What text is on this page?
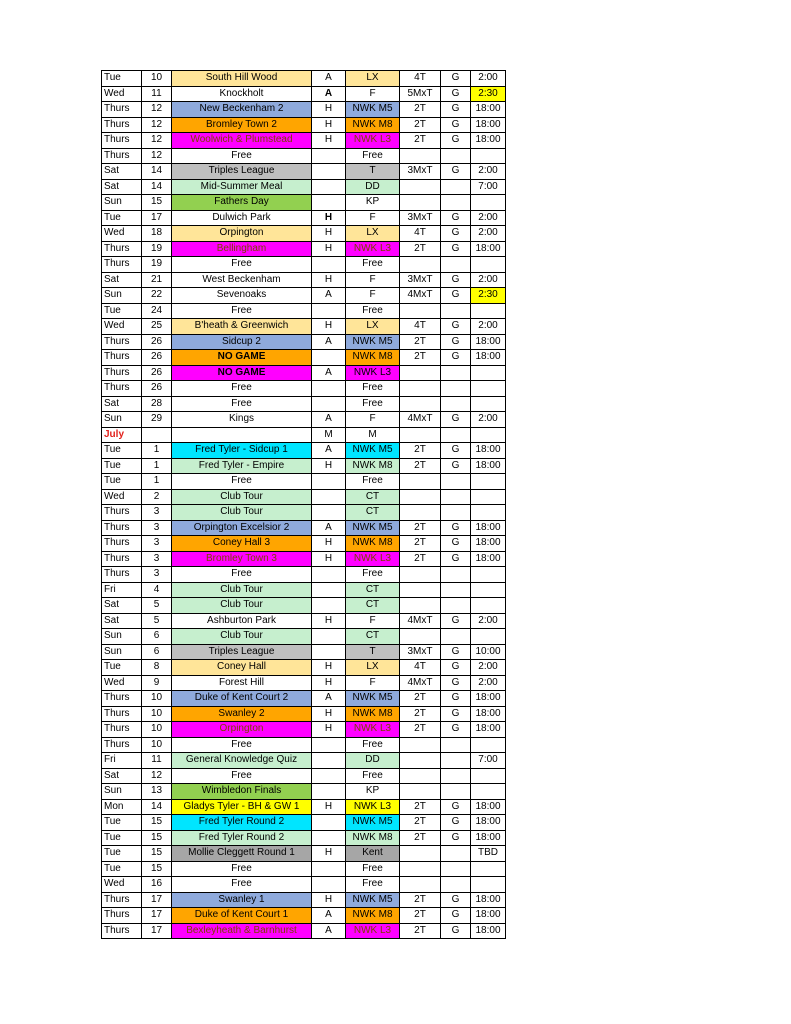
Tue	10	South Hill Wood	A	LX	4T	G	2:00
Wed	11	Knockholt	A	F	5MxT	G	2:30
Thurs	12	New Beckenham 2	H	NWK M5	2T	G	18:00
Thurs	12	Bromley Town 2	H	NWK M8	2T	G	18:00
Thurs	12	Woolwich & Plumstead	H	NWK L3	2T	G	18:00
Thurs	12	Free		Free			
Sat	14	Triples League		T	3MxT	G	2:00
Sat	14	Mid-Summer Meal		DD			7:00
Sun	15	Fathers Day		KP			
Tue	17	Dulwich Park	H	F	3MxT	G	2:00
Wed	18	Orpington	H	LX	4T	G	2:00
Thurs	19	Bellingham	H	NWK L3	2T	G	18:00
Thurs	19	Free		Free			
Sat	21	West Beckenham	H	F	3MxT	G	2:00
Sun	22	Sevenoaks	A	F	4MxT	G	2:30
Tue	24	Free		Free			
Wed	25	B'heath & Greenwich	H	LX	4T	G	2:00
Thurs	26	Sidcup 2	A	NWK M5	2T	G	18:00
Thurs	26	NO GAME		NWK M8	2T	G	18:00
Thurs	26	NO GAME	A	NWK L3			
Thurs	26	Free		Free			
Sat	28	Free		Free			
Sun	29	Kings	A	F	4MxT	G	2:00
July			M	M			
Tue	1	Fred Tyler - Sidcup 1	A	NWK M5	2T	G	18:00
Tue	1	Fred Tyler - Empire	H	NWK M8	2T	G	18:00
Tue	1	Free		Free			
Wed	2	Club Tour		CT			
Thurs	3	Club Tour		CT			
Thurs	3	Orpington Excelsior 2	A	NWK M5	2T	G	18:00
Thurs	3	Coney Hall 3	H	NWK M8	2T	G	18:00
Thurs	3	Bromley Town 3	H	NWK L3	2T	G	18:00
Thurs	3	Free		Free			
Fri	4	Club Tour		CT			
Sat	5	Club Tour		CT			
Sat	5	Ashburton Park	H	F	4MxT	G	2:00
Sun	6	Club Tour		CT			
Sun	6	Triples League		T	3MxT	G	10:00
Tue	8	Coney Hall	H	LX	4T	G	2:00
Wed	9	Forest Hill	H	F	4MxT	G	2:00
Thurs	10	Duke of Kent Court 2	A	NWK M5	2T	G	18:00
Thurs	10	Swanley 2	H	NWK M8	2T	G	18:00
Thurs	10	Orpington	H	NWK L3	2T	G	18:00
Thurs	10	Free		Free			
Fri	11	General Knowledge Quiz		DD			7:00
Sat	12	Free		Free			
Sun	13	Wimbledon Finals		KP			
Mon	14	Gladys Tyler - BH & GW 1	H	NWK L3	2T	G	18:00
Tue	15	Fred Tyler Round 2		NWK M5	2T	G	18:00
Tue	15	Fred Tyler Round 2		NWK M8	2T	G	18:00
Tue	15	Mollie Cleggett Round 1	H	Kent			TBD
Tue	15	Free		Free			
Wed	16	Free		Free			
Thurs	17	Swanley 1	H	NWK M5	2T	G	18:00
Thurs	17	Duke of Kent Court 1	A	NWK M8	2T	G	18:00
Thurs	17	Bexleyheath & Barnhurst	A	NWK L3	2T	G	18:00
